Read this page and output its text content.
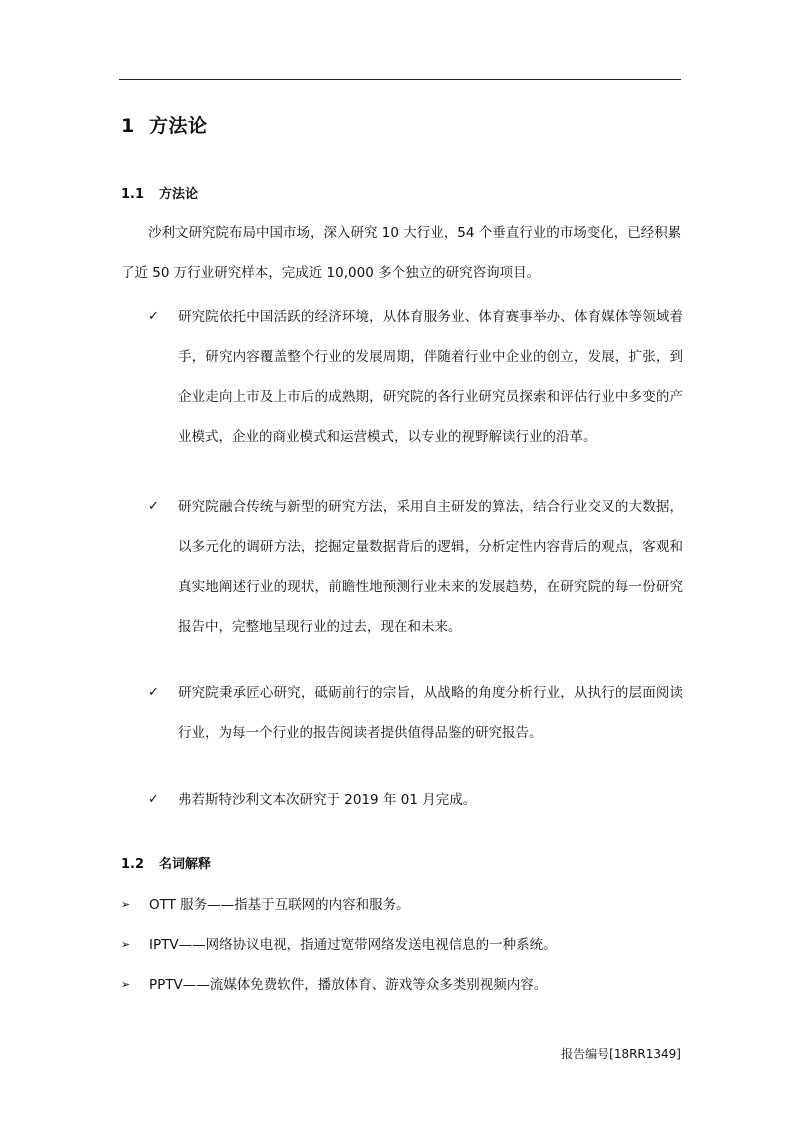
1 方法论
1.1 方法论
沙利文研究院布局中国市场，深入研究 10 大行业，54 个垂直行业的市场变化，已经积累了近 50 万行业研究样本，完成近 10,000 多个独立的研究咨询项目。
✓ 研究院依托中国活跃的经济环境，从体育服务业、体育赛事举办、体育媒体等领域着手，研究内容覆盖整个行业的发展周期，伴随着行业中企业的创立，发展，扩张，到企业走向上市及上市后的成熟期，研究院的各行业研究员探索和评估行业中多变的产业模式，企业的商业模式和运营模式，以专业的视野解读行业的沿革。
✓ 研究院融合传统与新型的研究方法，采用自主研发的算法，结合行业交叉的大数据，以多元化的调研方法，挖掘定量数据背后的逻辑，分析定性内容背后的观点，客观和真实地阐述行业的现状，前瞻性地预测行业未来的发展趋势，在研究院的每一份研究报告中，完整地呈现行业的过去，现在和未来。
✓ 研究院秉承匠心研究，砥砺前行的宗旨，从战略的角度分析行业，从执行的层面阅读行业，为每一个行业的报告阅读者提供值得品鉴的研究报告。
✓ 弗若斯特沙利文本次研究于 2019 年 01 月完成。
1.2 名词解释
➢ OTT 服务——指基于互联网的内容和服务。
➢ IPTV——网络协议电视，指通过宽带网络发送电视信息的一种系统。
➢ PPTV——流媒体免费软件，播放体育、游戏等众多类别视频内容。
报告编号[18RR1349]
